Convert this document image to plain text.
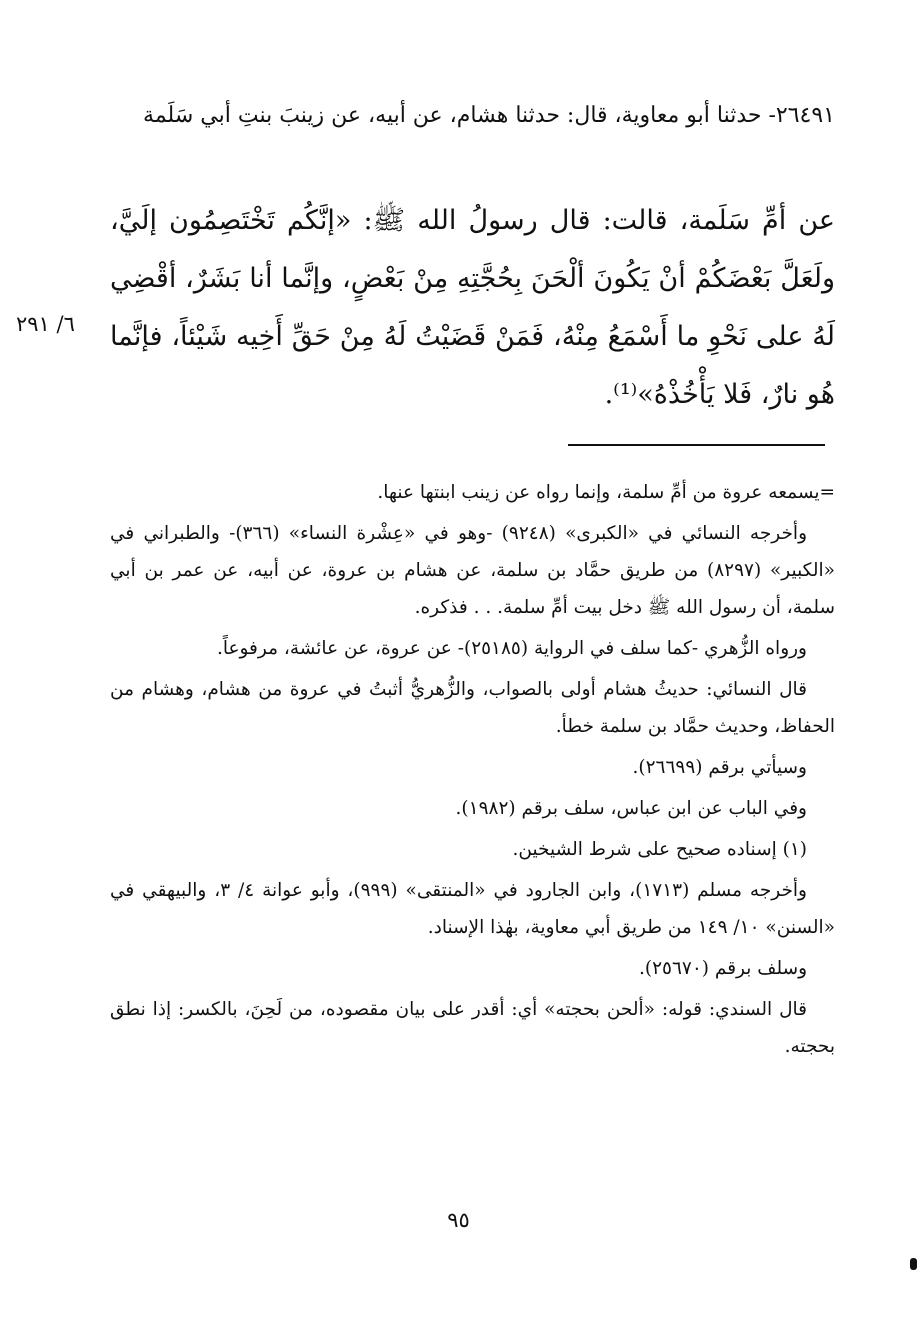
٢٦٤٩١- حدثنا أبو معاوية، قال: حدثنا هشام، عن أبيه، عن زينبَ بنتِ أبي سَلَمة
عن أمِّ سَلَمة، قالت: قال رسولُ الله ﷺ: «إنَّكُم تَخْتَصِمُون إلَيَّ، ولَعَلَّ بَعْضَكُمْ أنْ يَكُونَ ألْحَنَ بِحُجَّتِهِ مِنْ بَعْضٍ، وإنَّما أنا بَشَرٌ، أقْضِي لَهُ على نَحْوِ ما أَسْمَعُ مِنْهُ، فَمَنْ قَضَيْتُ لَهُ مِنْ حَقِّ أَخِيه شَيْئاً، فإنَّما هُو نارٌ، فَلا يَأْخُذْهُ»⁽¹⁾.
٦/ ٢٩١

=يسمعه عروة من أمِّ سلمة، وإنما رواه عن زينب ابنتها عنها.

وأخرجه النسائي في «الكبرى» (٩٢٤٨) -وهو في «عِشْرة النساء» (٣٦٦)- والطبراني في «الكبير» (٨٢٩٧) من طريق حمَّاد بن سلمة، عن هشام بن عروة، عن أبيه، عن عمر بن أبي سلمة، أن رسول الله ﷺ دخل بيت أمِّ سلمة. . . فذكره.

ورواه الزُّهري -كما سلف في الرواية (٢٥١٨٥)- عن عروة، عن عائشة، مرفوعاً.

قال النسائي: حديثُ هشام أولى بالصواب، والزُّهريُّ أثبتُ في عروة من هشام، وهشام من الحفاظ، وحديث حمَّاد بن سلمة خطأ.

وسيأتي برقم (٢٦٦٩٩).

وفي الباب عن ابن عباس، سلف برقم (١٩٨٢).

(١) إسناده صحيح على شرط الشيخين.

وأخرجه مسلم (١٧١٣)، وابن الجارود في «المنتقى» (٩٩٩)، وأبو عوانة ٤/ ٣، والبيهقي في «السنن» ١٠/ ١٤٩ من طريق أبي معاوية، بهٰذا الإسناد.

وسلف برقم (٢٥٦٧٠).

قال السندي: قوله: «ألحن بحجته» أي: أقدر على بيان مقصوده، من لَحِنَ، بالكسر: إذا نطق بحجته.

٩٥
